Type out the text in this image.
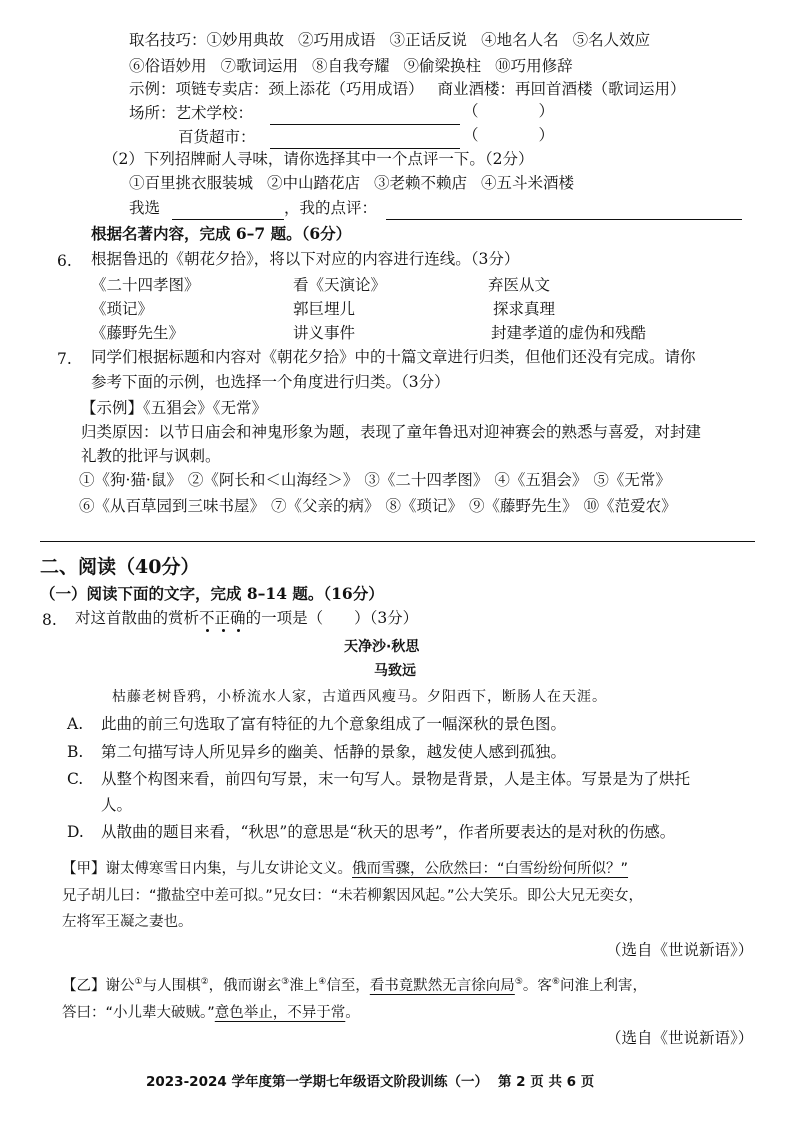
取名技巧：①妙用典故 ②巧用成语 ③正话反说 ④地名人名 ⑤名人效应
⑥俗语妙用 ⑦歌词运用 ⑧自我夸耀 ⑨偷梁换柱 ⑩巧用修辞
示例：项链专卖店：颈上添花（巧用成语） 商业酒楼：再回首酒楼（歌词运用）
场所：艺术学校：	（	）
百货超市：	（	）
（2）下列招牌耐人寻味，请你选择其中一个点评一下。（2分）
①百里挑衣服装城 ②中山踏花店 ③老赖不赖店 ④五斗米酒楼
我选	，我的点评：
根据名著内容，完成 6–7 题。（6分）
6. 根据鲁迅的《朝花夕拾》，将以下对应的内容进行连线。（3分）
《二十四孝图》	看《天演论》	弃医从文
《琐记》	郭巨埋儿	探求真理
《藤野先生》	讲义事件	封建孝道的虚伪和残酷
7. 同学们根据标题和内容对《朝花夕拾》中的十篇文章进行归类，但他们还没有完成。请你
参考下面的示例，也选择一个角度进行归类。（3分）
【示例】《五猖会》《无常》
归类原因：以节日庙会和神鬼形象为题，表现了童年鲁迅对迎神赛会的熟悉与喜爱，对封建
礼教的批评与讽刺。
①《狗·猫·鼠》 ②《阿长和＜山海经＞》 ③《二十四孝图》 ④《五猖会》 ⑤《无常》
⑥《从百草园到三味书屋》 ⑦《父亲的病》 ⑧《琐记》 ⑨《藤野先生》 ⑩《范爱农》
二、阅读（40分）
（一）阅读下面的文字，完成 8–14 题。（16分）
8. 对这首散曲的赏析不正确的一项是（　　）（3分）
天净沙·秋思
马致远
枯藤老树昏鸦，小桥流水人家，古道西风瘦马。夕阳西下，断肠人在天涯。
A. 此曲的前三句选取了富有特征的九个意象组成了一幅深秋的景色图。
B. 第二句描写诗人所见异乡的幽美、恬静的景象，越发使人感到孤独。
C. 从整个构图来看，前四句写景，末一句写人。景物是背景，人是主体。写景是为了烘托
人。
D. 从散曲的题目来看，“秋思”的意思是“秋天的思考”，作者所要表达的是对秋的伤感。
【甲】谢太傅寒雪日内集，与儿女讲论文义。俄而雪骤，公欣然曰：“白雪纷纷何所似？”
兄子胡儿曰：“撒盐空中差可拟。”兄女曰：“未若柳絮因风起。”公大笑乐。即公大兄无奕女，
左将军王凝之妻也。
（选自《世说新语》）
【乙】谢公①与人围棋②，俄而谢玄③淮上④信至，看书竟默然无言徐向局⑤。客⑥问淮上利害，
答曰：“小儿辈大破贼。”意色举止，不异于常。
（选自《世说新语》）
2023-2024 学年度第一学期七年级语文阶段训练（一） 第 2 页 共 6 页
